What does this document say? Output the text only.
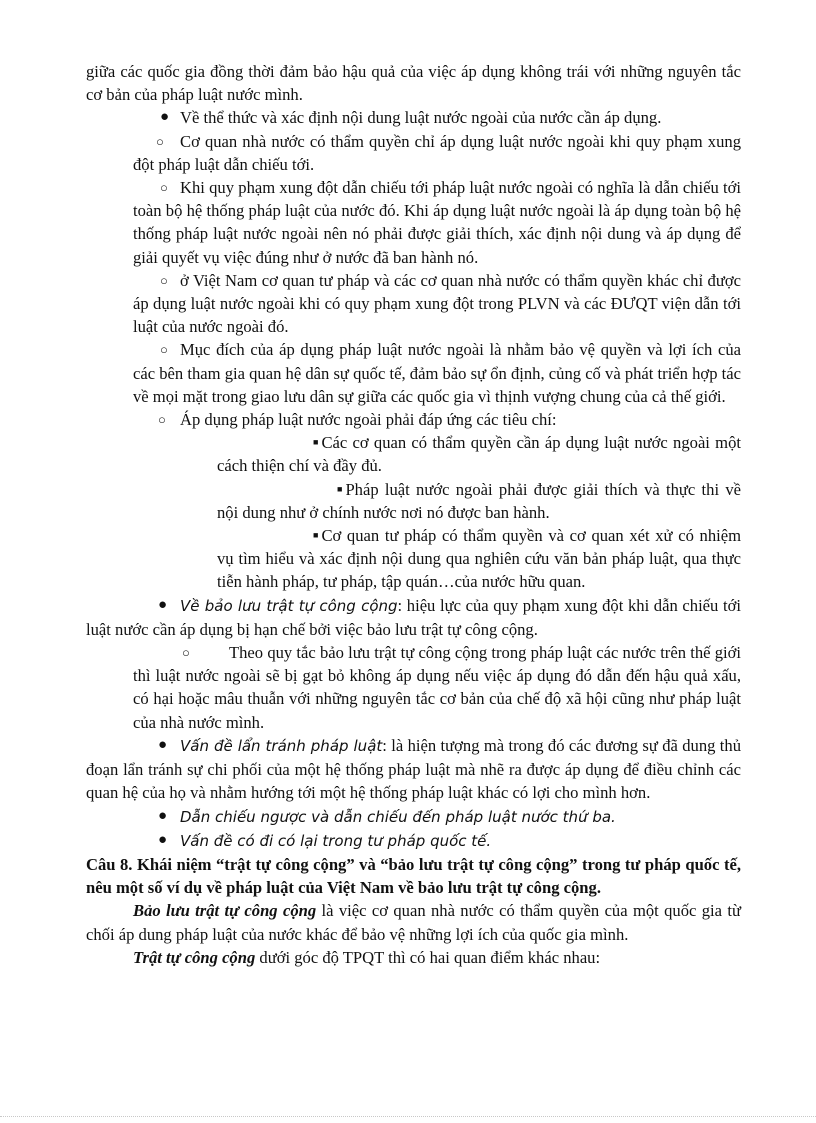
giữa các quốc gia đồng thời đảm bảo hậu quả của việc áp dụng không trái với những nguyên tắc cơ bản của pháp luật nước mình.

● Về thể thức và xác định nội dung luật nước ngoài của nước cần áp dụng.
○ Cơ quan nhà nước có thẩm quyền chỉ áp dụng luật nước ngoài khi quy phạm xung đột pháp luật dẫn chiếu tới.
○ Khi quy phạm xung đột dẫn chiếu tới pháp luật nước ngoài có nghĩa là dẫn chiếu tới toàn bộ hệ thống pháp luật của nước đó. Khi áp dụng luật nước ngoài là áp dụng toàn bộ hệ thống pháp luật nước ngoài nên nó phải được giải thích, xác định nội dung và áp dụng để giải quyết vụ việc đúng như ở nước đã ban hành nó.
○ ở Việt Nam cơ quan tư pháp và các cơ quan nhà nước có thẩm quyền khác chỉ được áp dụng luật nước ngoài khi có quy phạm xung đột trong PLVN và các ĐƯQT viện dẫn tới luật của nước ngoài đó.
○ Mục đích của áp dụng pháp luật nước ngoài là nhằm bảo vệ quyền và lợi ích của các bên tham gia quan hệ dân sự quốc tế, đảm bảo sự ổn định, củng cố và phát triển hợp tác về mọi mặt trong giao lưu dân sự giữa các quốc gia vì thịnh vượng chung của cả thế giới.
○ Áp dụng pháp luật nước ngoài phải đáp ứng các tiêu chí:
■ Các cơ quan có thẩm quyền cần áp dụng luật nước ngoài một cách thiện chí và đầy đủ.
■ Pháp luật nước ngoài phải được giải thích và thực thi về nội dung như ở chính nước nơi nó được ban hành.
■ Cơ quan tư pháp có thẩm quyền và cơ quan xét xử có nhiệm vụ tìm hiểu và xác định nội dung qua nghiên cứu văn bản pháp luật, qua thực tiễn hành pháp, tư pháp, tập quán…của nước hữu quan.
● Về bảo lưu trật tự công cộng: hiệu lực của quy phạm xung đột khi dẫn chiếu tới luật nước cần áp dụng bị hạn chế bởi việc bảo lưu trật tự công cộng.
○ Theo quy tắc bảo lưu trật tự công cộng trong pháp luật các nước trên thế giới thì luật nước ngoài sẽ bị gạt bỏ không áp dụng nếu việc áp dụng đó dẫn đến hậu quả xấu, có hại hoặc mâu thuẫn với những nguyên tắc cơ bản của chế độ xã hội cũng như pháp luật của nhà nước mình.
● Vấn đề lẩn tránh pháp luật: là hiện tượng mà trong đó các đương sự đã dung thủ đoạn lẩn tránh sự chi phối của một hệ thống pháp luật mà nhẽ ra được áp dụng để điều chỉnh các quan hệ của họ và nhằm hướng tới một hệ thống pháp luật khác có lợi cho mình hơn.
● Dẫn chiếu ngược và dẫn chiếu đến pháp luật nước thứ ba.
● Vấn đề có đi có lại trong tư pháp quốc tế.

Câu 8. Khái niệm “trật tự công cộng” và “bảo lưu trật tự công cộng” trong tư pháp quốc tế, nêu một số ví dụ về pháp luật của Việt Nam về bảo lưu trật tự công cộng.

Bảo lưu trật tự công cộng là việc cơ quan nhà nước có thẩm quyền của một quốc gia từ chối áp dung pháp luật của nước khác để bảo vệ những lợi ích của quốc gia mình.

Trật tự công cộng dưới góc độ TPQT thì có hai quan điểm khác nhau:
